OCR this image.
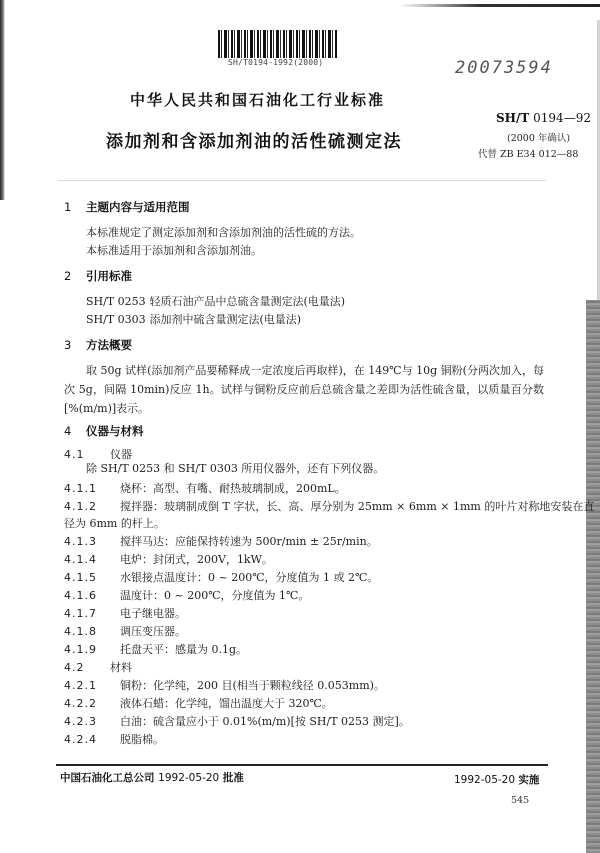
SH/T0194-1992(2000)	20073594
中华人民共和国石油化工行业标准
添加剂和含添加剂油的活性硫测定法
SH/T 0194—92
(2000 年确认)
代替 ZB E34 012—88
1 主题内容与适用范围
本标准规定了测定添加剂和含添加剂油的活性硫的方法。
本标准适用于添加剂和含添加剂油。
2 引用标准
SH/T 0253 轻质石油产品中总硫含量测定法(电量法)
SH/T 0303 添加剂中硫含量测定法(电量法)
3 方法概要
取 50g 试样(添加剂产品要稀释成一定浓度后再取样)，在 149℃与 10g 铜粉(分两次加入，每次 5g，间隔 10min)反应 1h。试样与铜粉反应前后总硫含量之差即为活性硫含量，以质量百分数 [%(m/m)]表示。
4 仪器与材料
4.1 仪器
除 SH/T 0253 和 SH/T 0303 所用仪器外，还有下列仪器。
4.1.1 烧杯：高型、有嘴、耐热玻璃制成，200mL。
4.1.2 搅拌器：玻璃制成倒 T 字状，长、高、厚分别为 25mm × 6mm × 1mm 的叶片对称地安装在直
径为 6mm 的杆上。
4.1.3 搅拌马达：应能保持转速为 500r/min ± 25r/min。
4.1.4 电炉：封闭式，200V，1kW。
4.1.5 水银接点温度计：0 ~ 200℃，分度值为 1 或 2℃。
4.1.6 温度计：0 ~ 200℃，分度值为 1℃。
4.1.7 电子继电器。
4.1.8 调压变压器。
4.1.9 托盘天平：感量为 0.1g。
4.2 材料
4.2.1 铜粉：化学纯，200 目(相当于颗粒线径 0.053mm)。
4.2.2 液体石蜡：化学纯，馏出温度大于 320℃。
4.2.3 白油：硫含量应小于 0.01%(m/m)[按 SH/T 0253 测定]。
4.2.4 脱脂棉。
中国石油化工总公司 1992-05-20 批准	1992-05-20 实施
545
